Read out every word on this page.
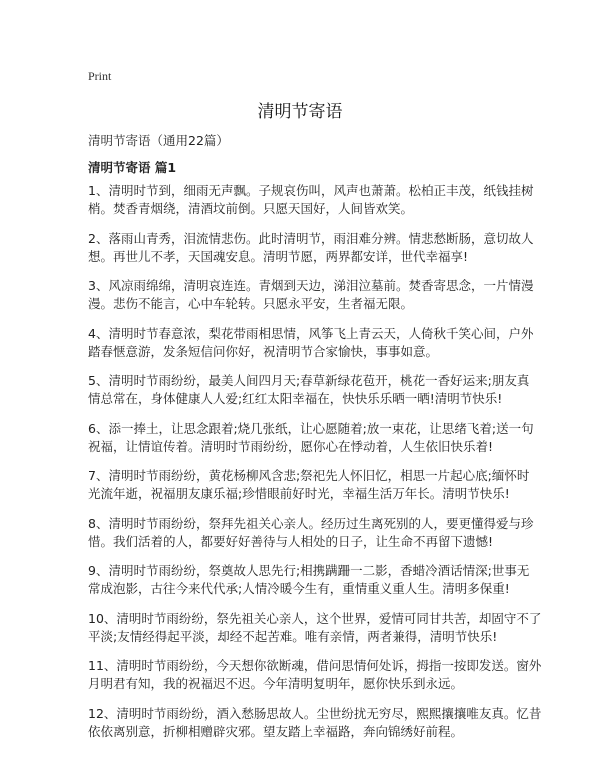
Print
清明节寄语
清明节寄语（通用22篇）
清明节寄语 篇1

1、清明时节到，细雨无声飘。子规哀伤叫，风声也萧萧。松柏正丰茂，纸钱挂树
梢。焚香青烟绕，清酒坟前倒。只愿天国好，人间皆欢笑。

2、落雨山青秀，泪流情悲伤。此时清明节，雨泪难分辨。情悲愁断肠，意切故人
想。再世儿不孝，天国魂安息。清明节愿，两界都安详，世代幸福享!

3、风凉雨绵绵，清明哀连连。青烟到天边，涕泪泣墓前。焚香寄思念，一片情漫
漫。悲伤不能言，心中车轮转。只愿永平安，生者福无限。

4、清明时节春意浓，梨花带雨相思情，风筝飞上青云天，人倚秋千笑心间，户外
踏春惬意游，发条短信问你好，祝清明节合家愉快，事事如意。

5、清明时节雨纷纷，最美人间四月天;春草新绿花苞开，桃花一香好运来;朋友真
情总常在，身体健康人人爱;红红太阳幸福在，快快乐乐晒一晒!清明节快乐!

6、添一捧土，让思念跟着;烧几张纸，让心愿随着;放一束花，让思绪飞着;送一句
祝福，让情谊传着。清明时节雨纷纷，愿你心在悸动着，人生依旧快乐着!

7、清明时节雨纷纷，黄花杨柳风含悲;祭祀先人怀旧忆，相思一片起心底;缅怀时
光流年逝，祝福朋友康乐福;珍惜眼前好时光，幸福生活万年长。清明节快乐!

8、清明时节雨纷纷，祭拜先祖关心亲人。经历过生离死别的人，要更懂得爱与珍
惜。我们活着的人，都要好好善待与人相处的日子，让生命不再留下遗憾!

9、清明时节雨纷纷，祭奠故人思先行;相携蹒跚一二影，香蜡冷酒话情深;世事无
常成泡影，古往今来代代承;人情冷暖今生有，重情重义重人生。清明多保重!

10、清明时节雨纷纷，祭先祖关心亲人，这个世界，爱情可同甘共苦，却固守不了
平淡;友情经得起平淡，却经不起苦难。唯有亲情，两者兼得，清明节快乐!

11、清明时节雨纷纷，今天想你欲断魂，借问思情何处诉，拇指一按即发送。窗外
月明君有知，我的祝福迟不迟。今年清明复明年，愿你快乐到永远。

12、清明时节雨纷纷，酒入愁肠思故人。尘世纷扰无穷尽，熙熙攘攘唯友真。忆昔
依依离别意，折柳相赠辟灾邪。望友踏上幸福路，奔向锦绣好前程。
